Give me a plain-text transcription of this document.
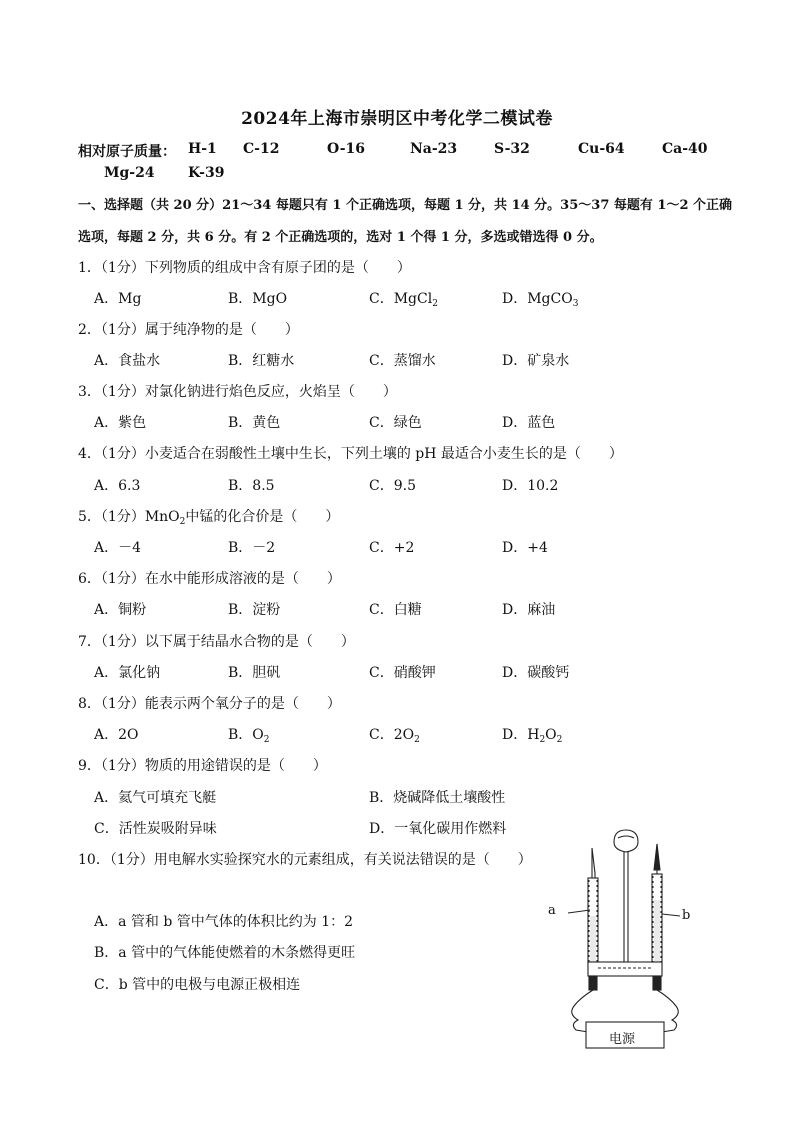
2024年上海市崇明区中考化学二模试卷
相对原子质量： H-1 C-12	O-16	Na-23	S-32	Cu-64	Ca-40
Mg-24 K-39
一、选择题（共 20 分）21～34 每题只有 1 个正确选项，每题 1 分，共 14 分。35～37 每题有 1～2 个正确
选项，每题 2 分，共 6 分。有 2 个正确选项的，选对 1 个得 1 分，多选或错选得 0 分。
1．（1分）下列物质的组成中含有原子团的是（　　）
A．Mg	B．MgO	C．MgCl$_2$	D．MgCO$_3$
2．（1分）属于纯净物的是（　　）
A．食盐水	B．红糖水	C．蒸馏水	D．矿泉水
3．（1分）对氯化钠进行焰色反应，火焰呈（　　）
A．紫色	B．黄色	C．绿色	D．蓝色
4．（1分）小麦适合在弱酸性土壤中生长，下列土壤的 pH 最适合小麦生长的是（　　）
A．6.3	B．8.5	C．9.5	D．10.2
5．（1分）MnO$_2$中锰的化合价是（　　）
A．－4	B．－2	C．+2	D．+4
6．（1分）在水中能形成溶液的是（　　）
A．铜粉	B．淀粉	C．白糖	D．麻油
7．（1分）以下属于结晶水合物的是（　　）
A．氯化钠	B．胆矾	C．硝酸钾	D．碳酸钙
8．（1分）能表示两个氧分子的是（　　）
A．2O	B．$O_2$	C．$2O_2$	D．$H_2O_2$
9．（1分）物质的用途错误的是（　　）
A．氦气可填充飞艇	B．烧碱降低土壤酸性
C．活性炭吸附异味	D．一氧化碳用作燃料
10．（1分）用电解水实验探究水的元素组成，有关说法错误的是（　　）
A．a 管和 b 管中气体的体积比约为 1：2
B．a 管中的气体能使燃着的木条燃得更旺
C．b 管中的电极与电源正极相连
a	b
电源
